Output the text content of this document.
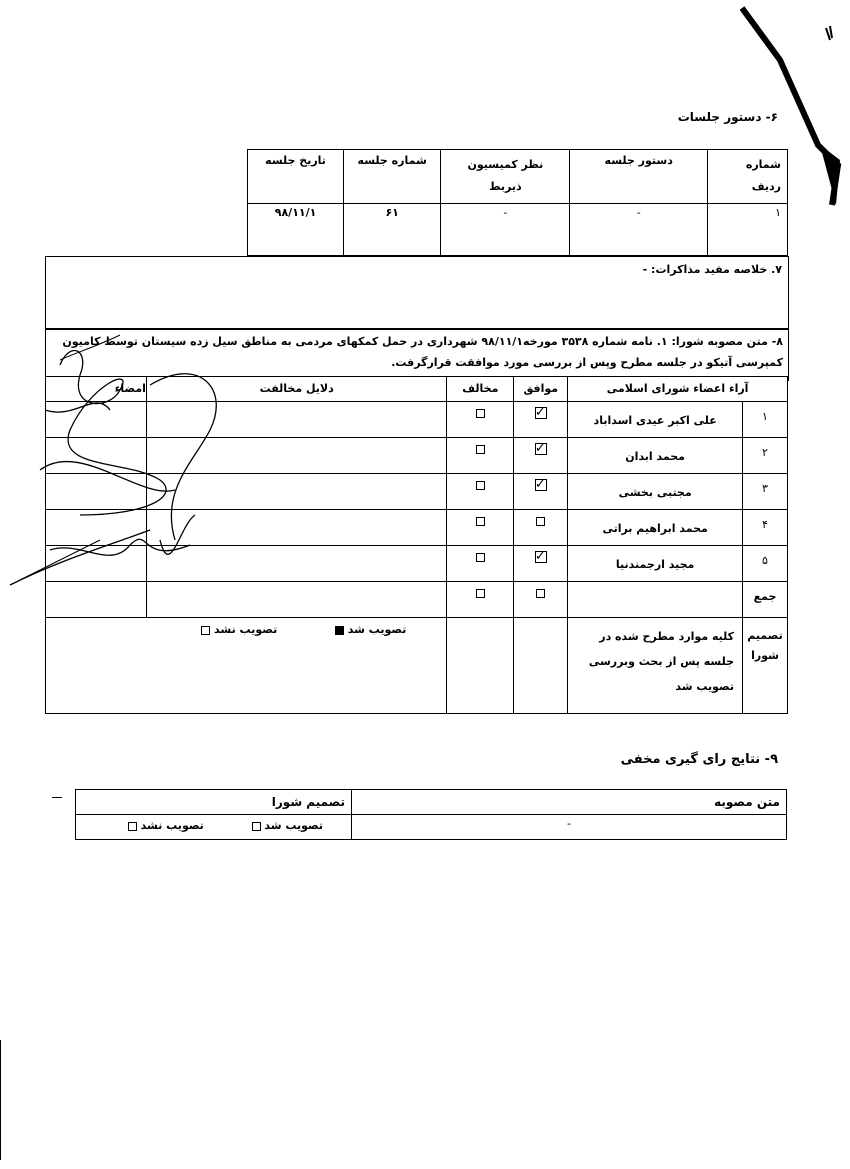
۶- دستور جلسات
شماره ردیف	دستور جلسه	نظر کمیسیون ذیربط	شماره جلسه	تاریخ جلسه
۱	-	-	۶۱	۹۸/۱۱/۱
۷. خلاصه مفید مذاکرات: -
۸- متن مصوبه شورا: ۱. نامه شماره ۳۵۳۸ مورخه۹۸/۱۱/۱ شهرداری در حمل کمکهای مردمی به مناطق سیل زده سیستان توسط کامیون کمپرسی آتیکو در جلسه مطرح وپس از بررسی مورد موافقت قرارگرفت.
آراء اعضاء شورای اسلامی		موافق	مخالف	دلایل مخالفت	امضاء
۱	علی اکبر عیدی اسداباد	✓			
۲	محمد ابدان	✓			
۳	مجتبی بخشی	✓			
۴	محمد ابراهیم براتی				
۵	مجید ارجمندنیا	✓			
جمع					
تصمیم شورا	کلیه موارد مطرح شده در جلسه پس از بحث وبررسی تصویب شد			تصویب شد   تصویب نشد	
۹- نتایج رای گیری مخفی
متن مصوبه	تصمیم شورا
-	تصویب شد   تصویب نشد
